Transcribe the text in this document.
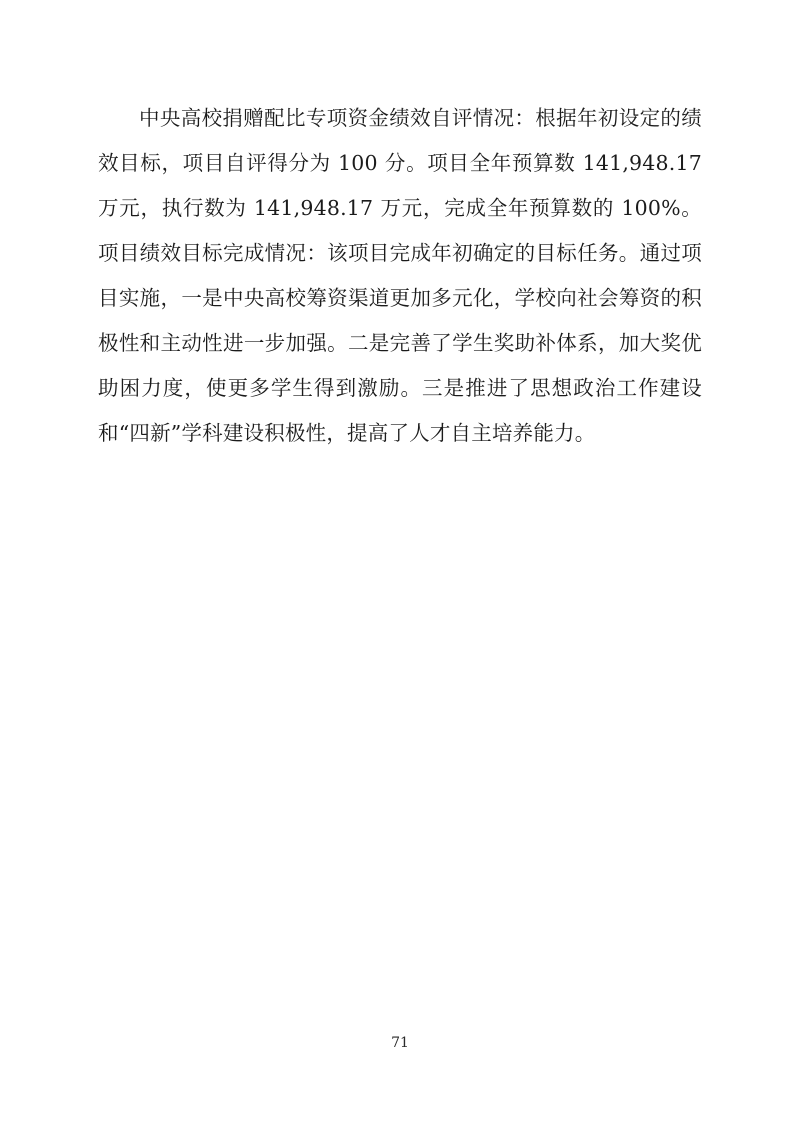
中央高校捐赠配比专项资金绩效自评情况：根据年初设定的绩效目标，项目自评得分为 100 分。项目全年预算数 141,948.17 万元，执行数为 141,948.17 万元，完成全年预算数的 100%。项目绩效目标完成情况：该项目完成年初确定的目标任务。通过项目实施，一是中央高校筹资渠道更加多元化，学校向社会筹资的积极性和主动性进一步加强。二是完善了学生奖助补体系，加大奖优助困力度，使更多学生得到激励。三是推进了思想政治工作建设和“四新”学科建设积极性，提高了人才自主培养能力。

71
